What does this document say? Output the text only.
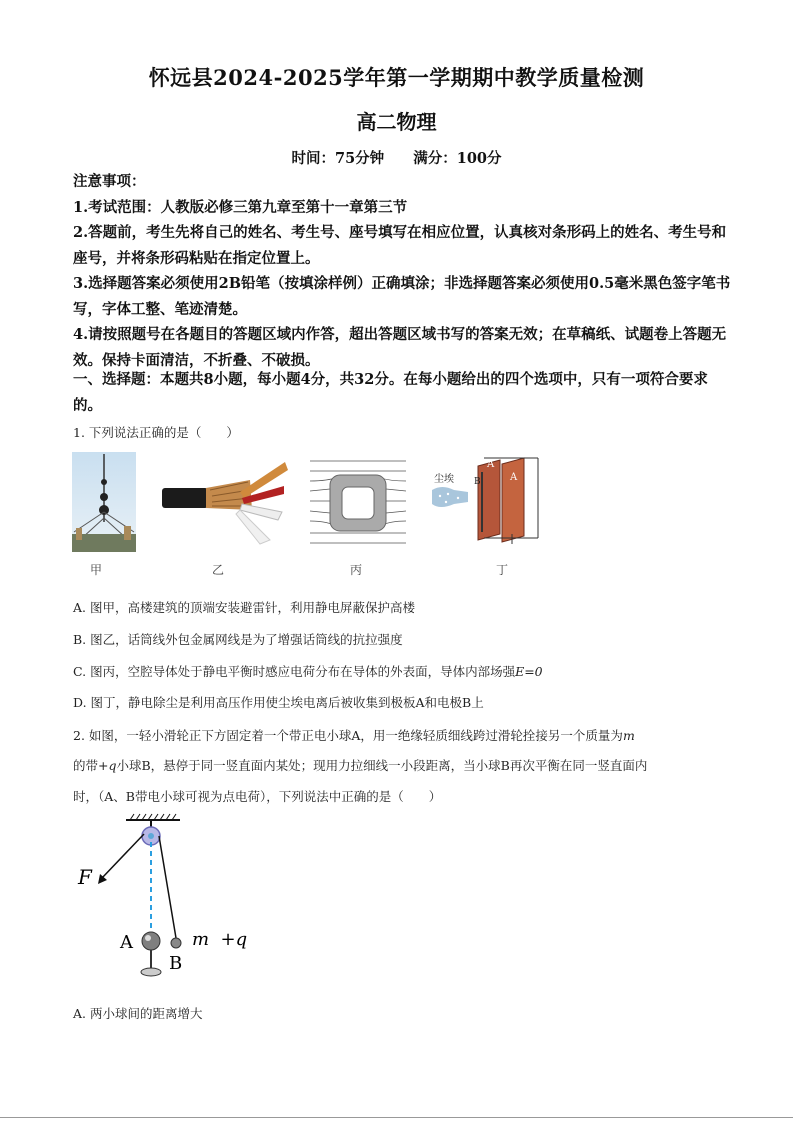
怀远县2024-2025学年第一学期期中教学质量检测
高二物理
时间：75分钟 满分：100分
注意事项：
1.考试范围：人教版必修三第九章至第十一章第三节
2.答题前，考生先将自己的姓名、考生号、座号填写在相应位置，认真核对条形码上的姓名、考生号和座号，并将条形码粘贴在指定位置上。
3.选择题答案必须使用2B铅笔（按填涂样例）正确填涂；非选择题答案必须使用0.5毫米黑色签字笔书写，字体工整、笔迹清楚。
4.请按照题号在各题目的答题区域内作答，超出答题区域书写的答案无效；在草稿纸、试题卷上答题无效。保持卡面清洁，不折叠、不破损。
一、选择题：本题共8小题，每小题4分，共32分。在每小题给出的四个选项中，只有一项符合要求的。
1. 下列说法正确的是（　　）
甲	乙	丙
A
A
B
尘埃
丁
A. 图甲，高楼建筑的顶端安装避雷针，利用静电屏蔽保护高楼
B. 图乙，话筒线外包金属网线是为了增强话筒线的抗拉强度
C. 图丙，空腔导体处于静电平衡时感应电荷分布在导体的外表面，导体内部场强E=0
D. 图丁，静电除尘是利用高压作用使尘埃电离后被收集到极板A和电极B上
2. 如图，一轻小滑轮正下方固定着一个带正电小球A，用一绝缘轻质细线跨过滑轮拴接另一个质量为m
的带+q小球B，悬停于同一竖直面内某处；现用力拉细线一小段距离，当小球B再次平衡在同一竖直面内
时，（A、B带电小球可视为点电荷），下列说法中正确的是（　　）
F
A
B
m  +q
A. 两小球间的距离增大
